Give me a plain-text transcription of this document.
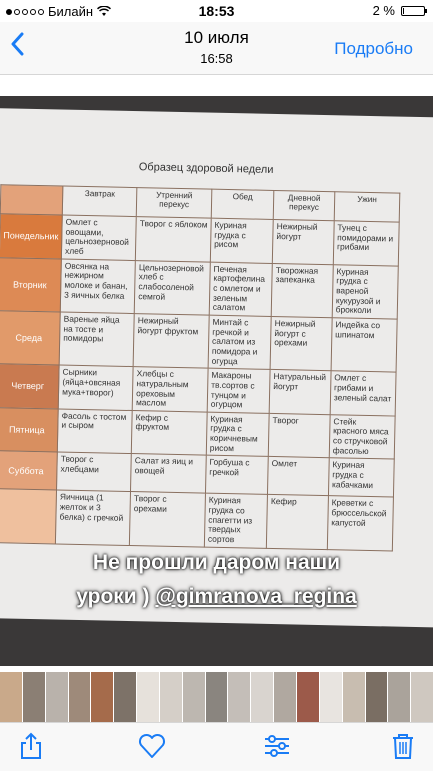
Билайн	18:53	2 %
10 июля
16:58
Подробно
Образец здоровой недели
	Завтрак	Утренний перекус	Обед	Дневной перекус	Ужин
Понедельник	Омлет с овощами, цельнозерновой хлеб	Творог с яблоком	Куриная грудка с рисом	Нежирный йогурт	Тунец с помидорами и грибами
Вторник	Овсянка на нежирном молоке и банан, 3 яичных белка	Цельнозерновой хлеб с слабосоленой семгой	Печеная картофелина с омлетом и зеленым салатом	Творожная запеканка	Куриная грудка с вареной кукурузой и брокколи
Среда	Вареные яйца на тосте и помидоры	Нежирный йогурт фруктом	Минтай с гречкой и салатом из помидора и огурца	Нежирный йогурт с орехами	Индейка со шпинатом
Четверг	Сырники (яйца+овсяная мука+творог)	Хлебцы с натуральным ореховым маслом	Макароны тв.сортов с тунцом и огурцом	Натуральный йогурт	Омлет с грибами и зеленый салат
Пятница	Фасоль с тостом и сыром	Кефир с фруктом	Куриная грудка с коричневым рисом	Творог	Стейк красного мяса со стручковой фасолью
Суббота	Творог с хлебцами	Салат из яиц и овощей	Горбуша с гречкой	Омлет	Куриная грудка с кабачками
	Яичница (1 желток и 3 белка) с гречкой	Творог с орехами	Куриная грудка со спагетти из твердых сортов	Кефир	Креветки с брюссельской капустой
Не прошли даром наши
уроки ) @gimranova_regina
